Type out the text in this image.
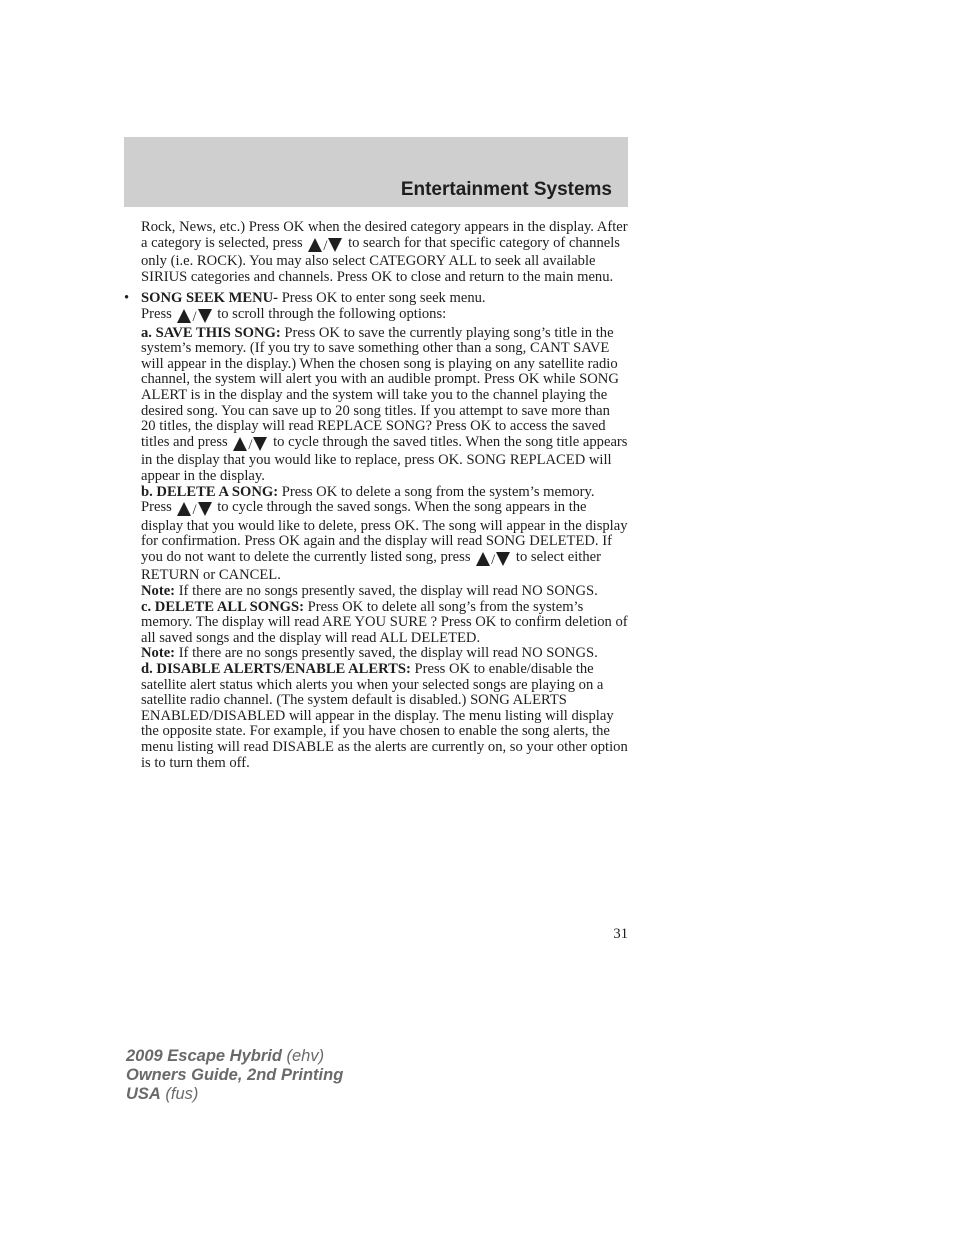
Entertainment Systems

Rock, News, etc.) Press OK when the desired category appears in the display. After a category is selected, press / to search for that specific category of channels only (i.e. ROCK). You may also select CATEGORY ALL to seek all available SIRIUS categories and channels. Press OK to close and return to the main menu.

• SONG SEEK MENU- Press OK to enter song seek menu.

Press / to scroll through the following options:

a. SAVE THIS SONG: Press OK to save the currently playing song’s title in the system’s memory. (If you try to save something other than a song, CANT SAVE will appear in the display.) When the chosen song is playing on any satellite radio channel, the system will alert you with an audible prompt. Press OK while SONG ALERT is in the display and the system will take you to the channel playing the desired song. You can save up to 20 song titles. If you attempt to save more than 20 titles, the display will read REPLACE SONG? Press OK to access the saved titles and press / to cycle through the saved titles. When the song title appears in the display that you would like to replace, press OK. SONG REPLACED will appear in the display.

b. DELETE A SONG: Press OK to delete a song from the system’s memory. Press / to cycle through the saved songs. When the song appears in the display that you would like to delete, press OK. The song will appear in the display for confirmation. Press OK again and the display will read SONG DELETED. If you do not want to delete the currently listed song, press / to select either RETURN or CANCEL.

Note: If there are no songs presently saved, the display will read NO SONGS.

c. DELETE ALL SONGS: Press OK to delete all song’s from the system’s memory. The display will read ARE YOU SURE ? Press OK to confirm deletion of all saved songs and the display will read ALL DELETED.

Note: If there are no songs presently saved, the display will read NO SONGS.

d. DISABLE ALERTS/ENABLE ALERTS: Press OK to enable/disable the satellite alert status which alerts you when your selected songs are playing on a satellite radio channel. (The system default is disabled.) SONG ALERTS ENABLED/DISABLED will appear in the display. The menu listing will display the opposite state. For example, if you have chosen to enable the song alerts, the menu listing will read DISABLE as the alerts are currently on, so your other option is to turn them off.

31
2009 Escape Hybrid (ehv)
Owners Guide, 2nd Printing
USA (fus)
